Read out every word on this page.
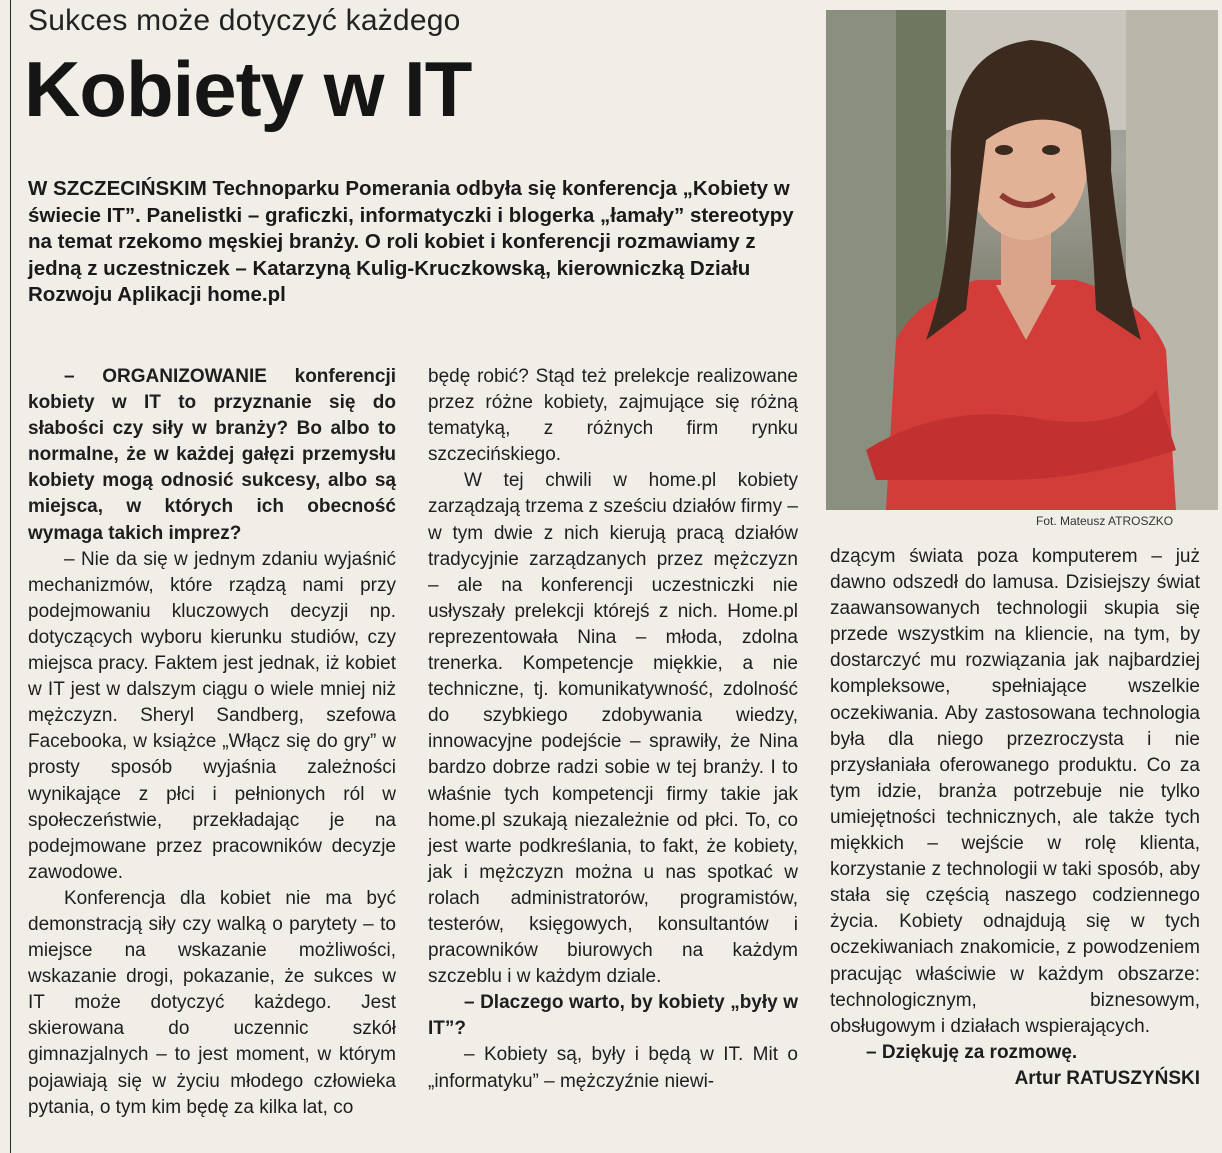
Sukces może dotyczyć każdego
Kobiety w IT
W SZCZECIŃSKIM Technoparku Pomerania odbyła się konferencja „Kobiety w świecie IT”. Panelistki – graficzki, informatyczki i blogerka „łamały” stereotypy na temat rzekomo męskiej branży. O roli kobiet i konferencji rozmawiamy z jedną z uczestniczek – Katarzyną Kulig-Kruczkowską, kierowniczką Działu Rozwoju Aplikacji home.pl
Fot. Mateusz ATROSZKO

– ORGANIZOWANIE konferencji kobiety w IT to przyznanie się do słabości czy siły w branży? Bo albo to normalne, że w każdej gałęzi przemysłu kobiety mogą odnosić sukcesy, albo są miejsca, w których ich obecność wymaga takich imprez?

– Nie da się w jednym zdaniu wyjaśnić mechanizmów, które rządzą nami przy podejmowaniu kluczowych decyzji np. dotyczących wyboru kierunku studiów, czy miejsca pracy. Faktem jest jednak, iż kobiet w IT jest w dalszym ciągu o wiele mniej niż mężczyzn. Sheryl Sandberg, szefowa Facebooka, w książce „Włącz się do gry” w prosty sposób wyjaśnia zależności wynikające z płci i pełnionych ról w społeczeństwie, przekładając je na podejmowane przez pracowników decyzje zawodowe.

Konferencja dla kobiet nie ma być demonstracją siły czy walką o parytety – to miejsce na wskazanie możliwości, wskazanie drogi, pokazanie, że sukces w IT może dotyczyć każdego. Jest skierowana do uczennic szkół gimnazjalnych – to jest moment, w którym pojawiają się w życiu młodego człowieka pytania, o tym kim będę za kilka lat, co

będę robić? Stąd też prelekcje realizowane przez różne kobiety, zajmujące się różną tematyką, z różnych firm rynku szczecińskiego.

W tej chwili w home.pl kobiety zarządzają trzema z sześciu działów firmy – w tym dwie z nich kierują pracą działów tradycyjnie zarządzanych przez mężczyzn – ale na konferencji uczestniczki nie usłyszały prelekcji którejś z nich. Home.pl reprezentowała Nina – młoda, zdolna trenerka. Kompetencje miękkie, a nie techniczne, tj. komunikatywność, zdolność do szybkiego zdobywania wiedzy, innowacyjne podejście – sprawiły, że Nina bardzo dobrze radzi sobie w tej branży. I to właśnie tych kompetencji firmy takie jak home.pl szukają niezależnie od płci. To, co jest warte podkreślania, to fakt, że kobiety, jak i mężczyzn można u nas spotkać w rolach administratorów, programistów, testerów, księgowych, konsultantów i pracowników biurowych na każdym szczeblu i w każdym dziale.

– Dlaczego warto, by kobiety „były w IT”?

– Kobiety są, były i będą w IT. Mit o „informatyku” – mężczyźnie niewi-

dzącym świata poza komputerem – już dawno odszedł do lamusa. Dzisiejszy świat zaawansowanych technologii skupia się przede wszystkim na kliencie, na tym, by dostarczyć mu rozwiązania jak najbardziej kompleksowe, spełniające wszelkie oczekiwania. Aby zastosowana technologia była dla niego przezroczysta i nie przysłaniała oferowanego produktu. Co za tym idzie, branża potrzebuje nie tylko umiejętności technicznych, ale także tych miękkich – wejście w rolę klienta, korzystanie z technologii w taki sposób, aby stała się częścią naszego codziennego życia. Kobiety odnajdują się w tych oczekiwaniach znakomicie, z powodzeniem pracując właściwie w każdym obszarze: technologicznym, biznesowym, obsługowym i działach wspierających.

– Dziękuję za rozmowę.

Artur RATUSZYŃSKI
